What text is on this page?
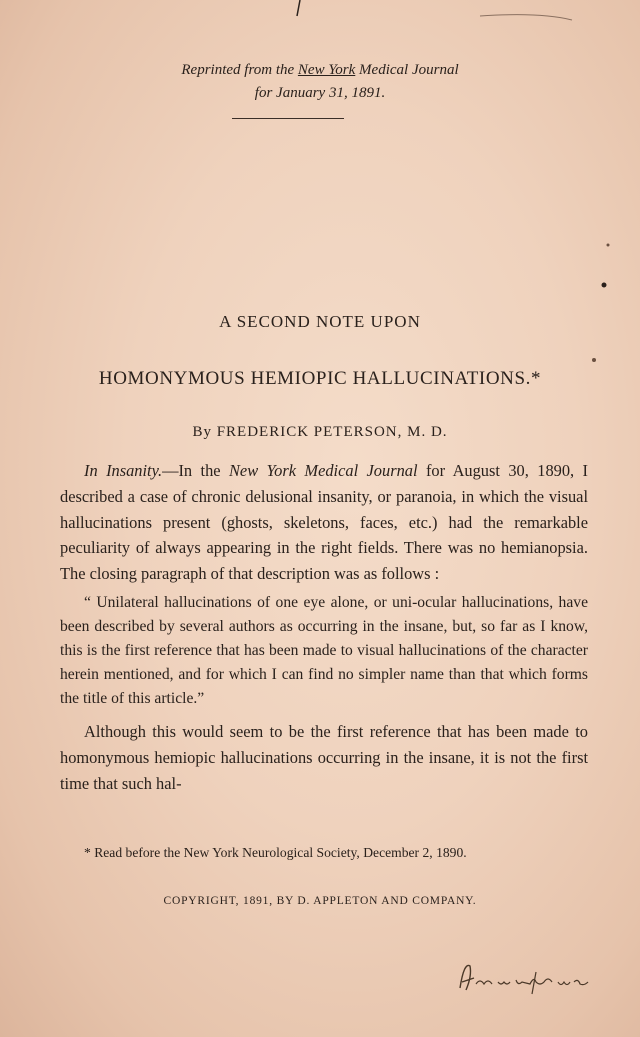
Reprinted from the New York Medical Journal
for January 31, 1891.
A SECOND NOTE UPON
HOMONYMOUS HEMIOPIC HALLUCINATIONS.*
By FREDERICK PETERSON, M. D.

In Insanity.—In the New York Medical Journal for August 30, 1890, I described a case of chronic delusional insanity, or paranoia, in which the visual hallucinations present (ghosts, skeletons, faces, etc.) had the remarkable peculiarity of always appearing in the right fields. There was no hemianopsia. The closing paragraph of that description was as follows :

“ Unilateral hallucinations of one eye alone, or uni-ocular hallucinations, have been described by several authors as occurring in the insane, but, so far as I know, this is the first reference that has been made to visual hallucinations of the character herein mentioned, and for which I can find no simpler name than that which forms the title of this article.”

Although this would seem to be the first reference that has been made to homonymous hemiopic hallucinations occurring in the insane, it is not the first time that such hal-

* Read before the New York Neurological Society, December 2, 1890.
COPYRIGHT, 1891, BY D. APPLETON AND COMPANY.
